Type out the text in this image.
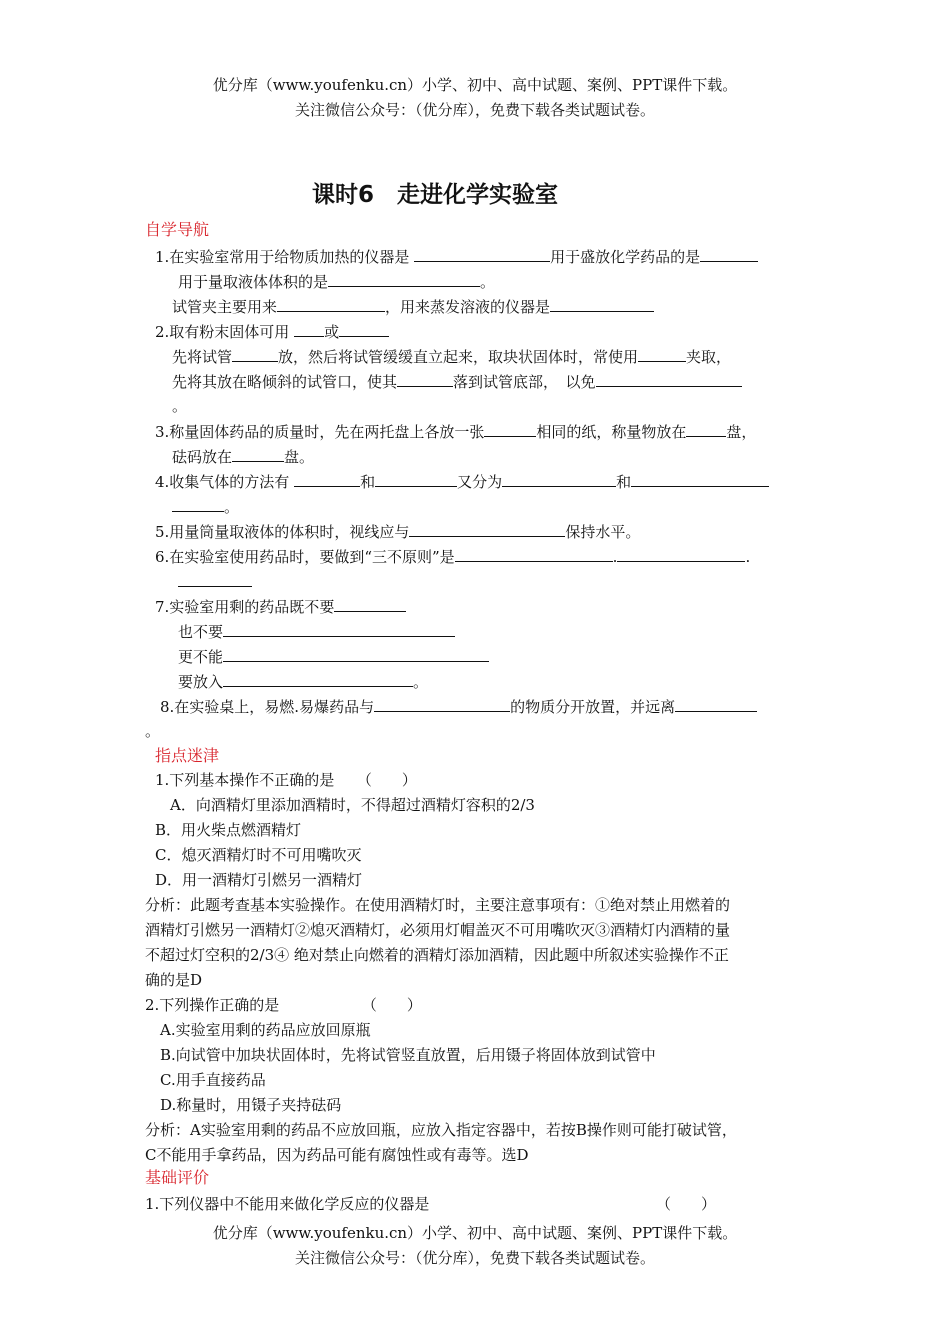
优分库（www.youfenku.cn）小学、初中、高中试题、案例、PPT课件下载。
关注微信公众号：（优分库），免费下载各类试题试卷。
课时6　走进化学实验室
自学导航
1.在实验室常用于给物质加热的仪器是	用于盛放化学药品的是
用于量取液体体积的是	。
试管夹主要用来	，用来蒸发溶液的仪器是
2.取有粉末固体可用 或
先将试管	放，然后将试管缓缓直立起来，取块状固体时，常使用	夹取，
先将其放在略倾斜的试管口，使其	落到试管底部，　以免
。
3.称量固体药品的质量时，先在两托盘上各放一张	相同的纸，称量物放在	盘，
砝码放在	盘。
4.收集气体的方法有	和	又分为	和
。
5.用量筒量取液体的体积时，视线应与	保持水平。
6.在实验室使用药品时，要做到“三不原则”是	.	.
7.实验室用剩的药品既不要
也不要
更不能
要放入	。
8.在实验桌上，易燃.易爆药品与	的物质分开放置，并远离
。
指点迷津
1.下列基本操作不正确的是　　（　　）
A．向酒精灯里添加酒精时，不得超过酒精灯容积的2/3
B．用火柴点燃酒精灯
C．熄灭酒精灯时不可用嘴吹灭
D．用一酒精灯引燃另一酒精灯
分析：此题考查基本实验操作。在使用酒精灯时，主要注意事项有：①绝对禁止用燃着的
酒精灯引燃另一酒精灯②熄灭酒精灯，必须用灯帽盖灭不可用嘴吹灭③酒精灯内酒精的量
不超过灯空积的2/3④ 绝对禁止向燃着的酒精灯添加酒精，因此题中所叙述实验操作不正
确的是D
2.下列操作正确的是　　　　　　（　　）
A.实验室用剩的药品应放回原瓶
B.向试管中加块状固体时，先将试管竖直放置，后用镊子将固体放到试管中
C.用手直接药品
D.称量时，用镊子夹持砝码
分析：A实验室用剩的药品不应放回瓶，应放入指定容器中，若按B操作则可能打破试管，
C不能用手拿药品，因为药品可能有腐蚀性或有毒等。选D
基础评价
1.下列仪器中不能用来做化学反应的仪器是	（　　）
优分库（www.youfenku.cn）小学、初中、高中试题、案例、PPT课件下载。
关注微信公众号：（优分库），免费下载各类试题试卷。
